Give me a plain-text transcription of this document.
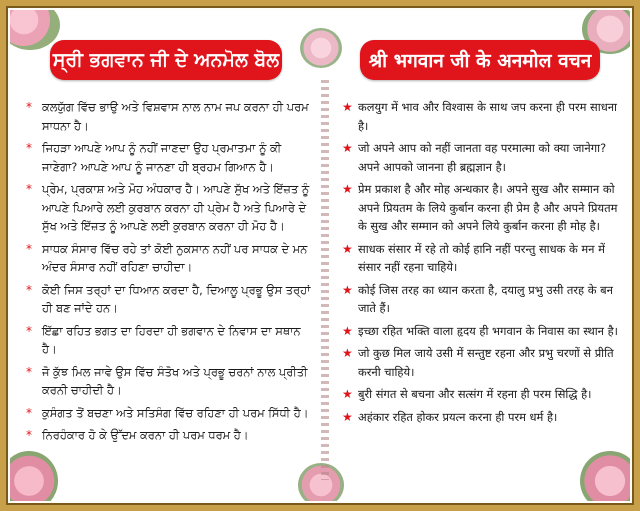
ਸ੍ਰੀ ਭਗਵਾਨ ਜੀ ਦੇ ਅਨਮੋਲ ਬੋਲ	श्री भगवान जी के अनमोल वचन
* ਕਲਯੁੱਗ ਵਿੱਚ ਭਾਉ ਅਤੇ ਵਿਸ਼ਵਾਸ ਨਾਲ ਨਾਮ ਜਪ ਕਰਨਾ ਹੀ ਪਰਮ ਸਾਧਨਾ ਹੈ।
* ਜਿਹੜਾ ਆਪਣੇ ਆਪ ਨੂੰ ਨਹੀਂ ਜਾਣਦਾ ਉਹ ਪ੍ਰਮਾਤਮਾ ਨੂੰ ਕੀ ਜਾਣੇਗਾ? ਆਪਣੇ ਆਪ ਨੂੰ ਜਾਨਣਾ ਹੀ ਬ੍ਰਹਮ ਗਿਆਨ ਹੈ।
* ਪ੍ਰੇਮ, ਪ੍ਰਕਾਸ਼ ਅਤੇ ਮੋਹ ਅੰਧਕਾਰ ਹੈ। ਆਪਣੇ ਸੁੱਖ ਅਤੇ ਇੱਜ਼ਤ ਨੂੰ ਆਪਣੇ ਪਿਆਰੇ ਲਈ ਕੁਰਬਾਨ ਕਰਨਾ ਹੀ ਪ੍ਰੇਮ ਹੈ ਅਤੇ ਪਿਆਰੇ ਦੇ ਸੁੱਖ ਅਤੇ ਇੱਜ਼ਤ ਨੂੰ ਆਪਣੇ ਲਈ ਕੁਰਬਾਨ ਕਰਨਾ ਹੀ ਮੋਹ ਹੈ।
* ਸਾਧਕ ਸੰਸਾਰ ਵਿੱਚ ਰਹੇ ਤਾਂ ਕੋਈ ਨੁਕਸਾਨ ਨਹੀਂ ਪਰ ਸਾਧਕ ਦੇ ਮਨ ਅੰਦਰ ਸੰਸਾਰ ਨਹੀਂ ਰਹਿਣਾ ਚਾਹੀਦਾ।
* ਕੋਈ ਜਿਸ ਤਰ੍ਹਾਂ ਦਾ ਧਿਆਨ ਕਰਦਾ ਹੈ, ਦਿਆਲੂ ਪ੍ਰਭੂ ਉਸ ਤਰ੍ਹਾਂ ਹੀ ਬਣ ਜਾਂਦੇ ਹਨ।
* ਇੱਛਾ ਰਹਿਤ ਭਗਤ ਦਾ ਹਿਰਦਾ ਹੀ ਭਗਵਾਨ ਦੇ ਨਿਵਾਸ ਦਾ ਸਥਾਨ ਹੈ।
* ਜੋ ਕੁੱਝ ਮਿਲ ਜਾਵੇ ਉਸ ਵਿੱਚ ਸੰਤੋਖ ਅਤੇ ਪ੍ਰਭੂ ਚਰਨਾਂ ਨਾਲ ਪ੍ਰੀਤੀ ਕਰਨੀ ਚਾਹੀਦੀ ਹੈ।
* ਕੁਸੰਗਤ ਤੋਂ ਬਚਣਾ ਅਤੇ ਸਤਿਸੰਗ ਵਿੱਚ ਰਹਿਣਾ ਹੀ ਪਰਮ ਸਿੱਧੀ ਹੈ।
* ਨਿਰਹੰਕਾਰ ਹੋ ਕੇ ਉੱਦਮ ਕਰਨਾ ਹੀ ਪਰਮ ਧਰਮ ਹੈ।
★ कलयुग में भाव और विश्वास के साथ जप करना ही परम साधना है।
★ जो अपने आप को नहीं जानता वह परमात्मा को क्या जानेगा? अपने आपको जानना ही ब्रह्मज्ञान है।
★ प्रेम प्रकाश है और मोह अन्धकार है। अपने सुख और सम्मान को अपने प्रियतम के लिये कुर्बान करना ही प्रेम है और अपने प्रियतम के सुख और सम्मान को अपने लिये कुर्बान करना ही मोह है।
★ साधक संसार में रहे तो कोई हानि नहीं परन्तु साधक के मन में संसार नहीं रहना चाहिये।
★ कोई जिस तरह का ध्यान करता है, दयालु प्रभु उसी तरह के बन जाते हैं।
★ इच्छा रहित भक्ति वाला हृदय ही भगवान के निवास का स्थान है।
★ जो कुछ मिल जाये उसी में सन्तुष्ट रहना और प्रभु चरणों से प्रीति करनी चाहिये।
★ बुरी संगत से बचना और सत्संग में रहना ही परम सिद्धि है।
★ अहंकार रहित होकर प्रयत्न करना ही परम धर्म है।
